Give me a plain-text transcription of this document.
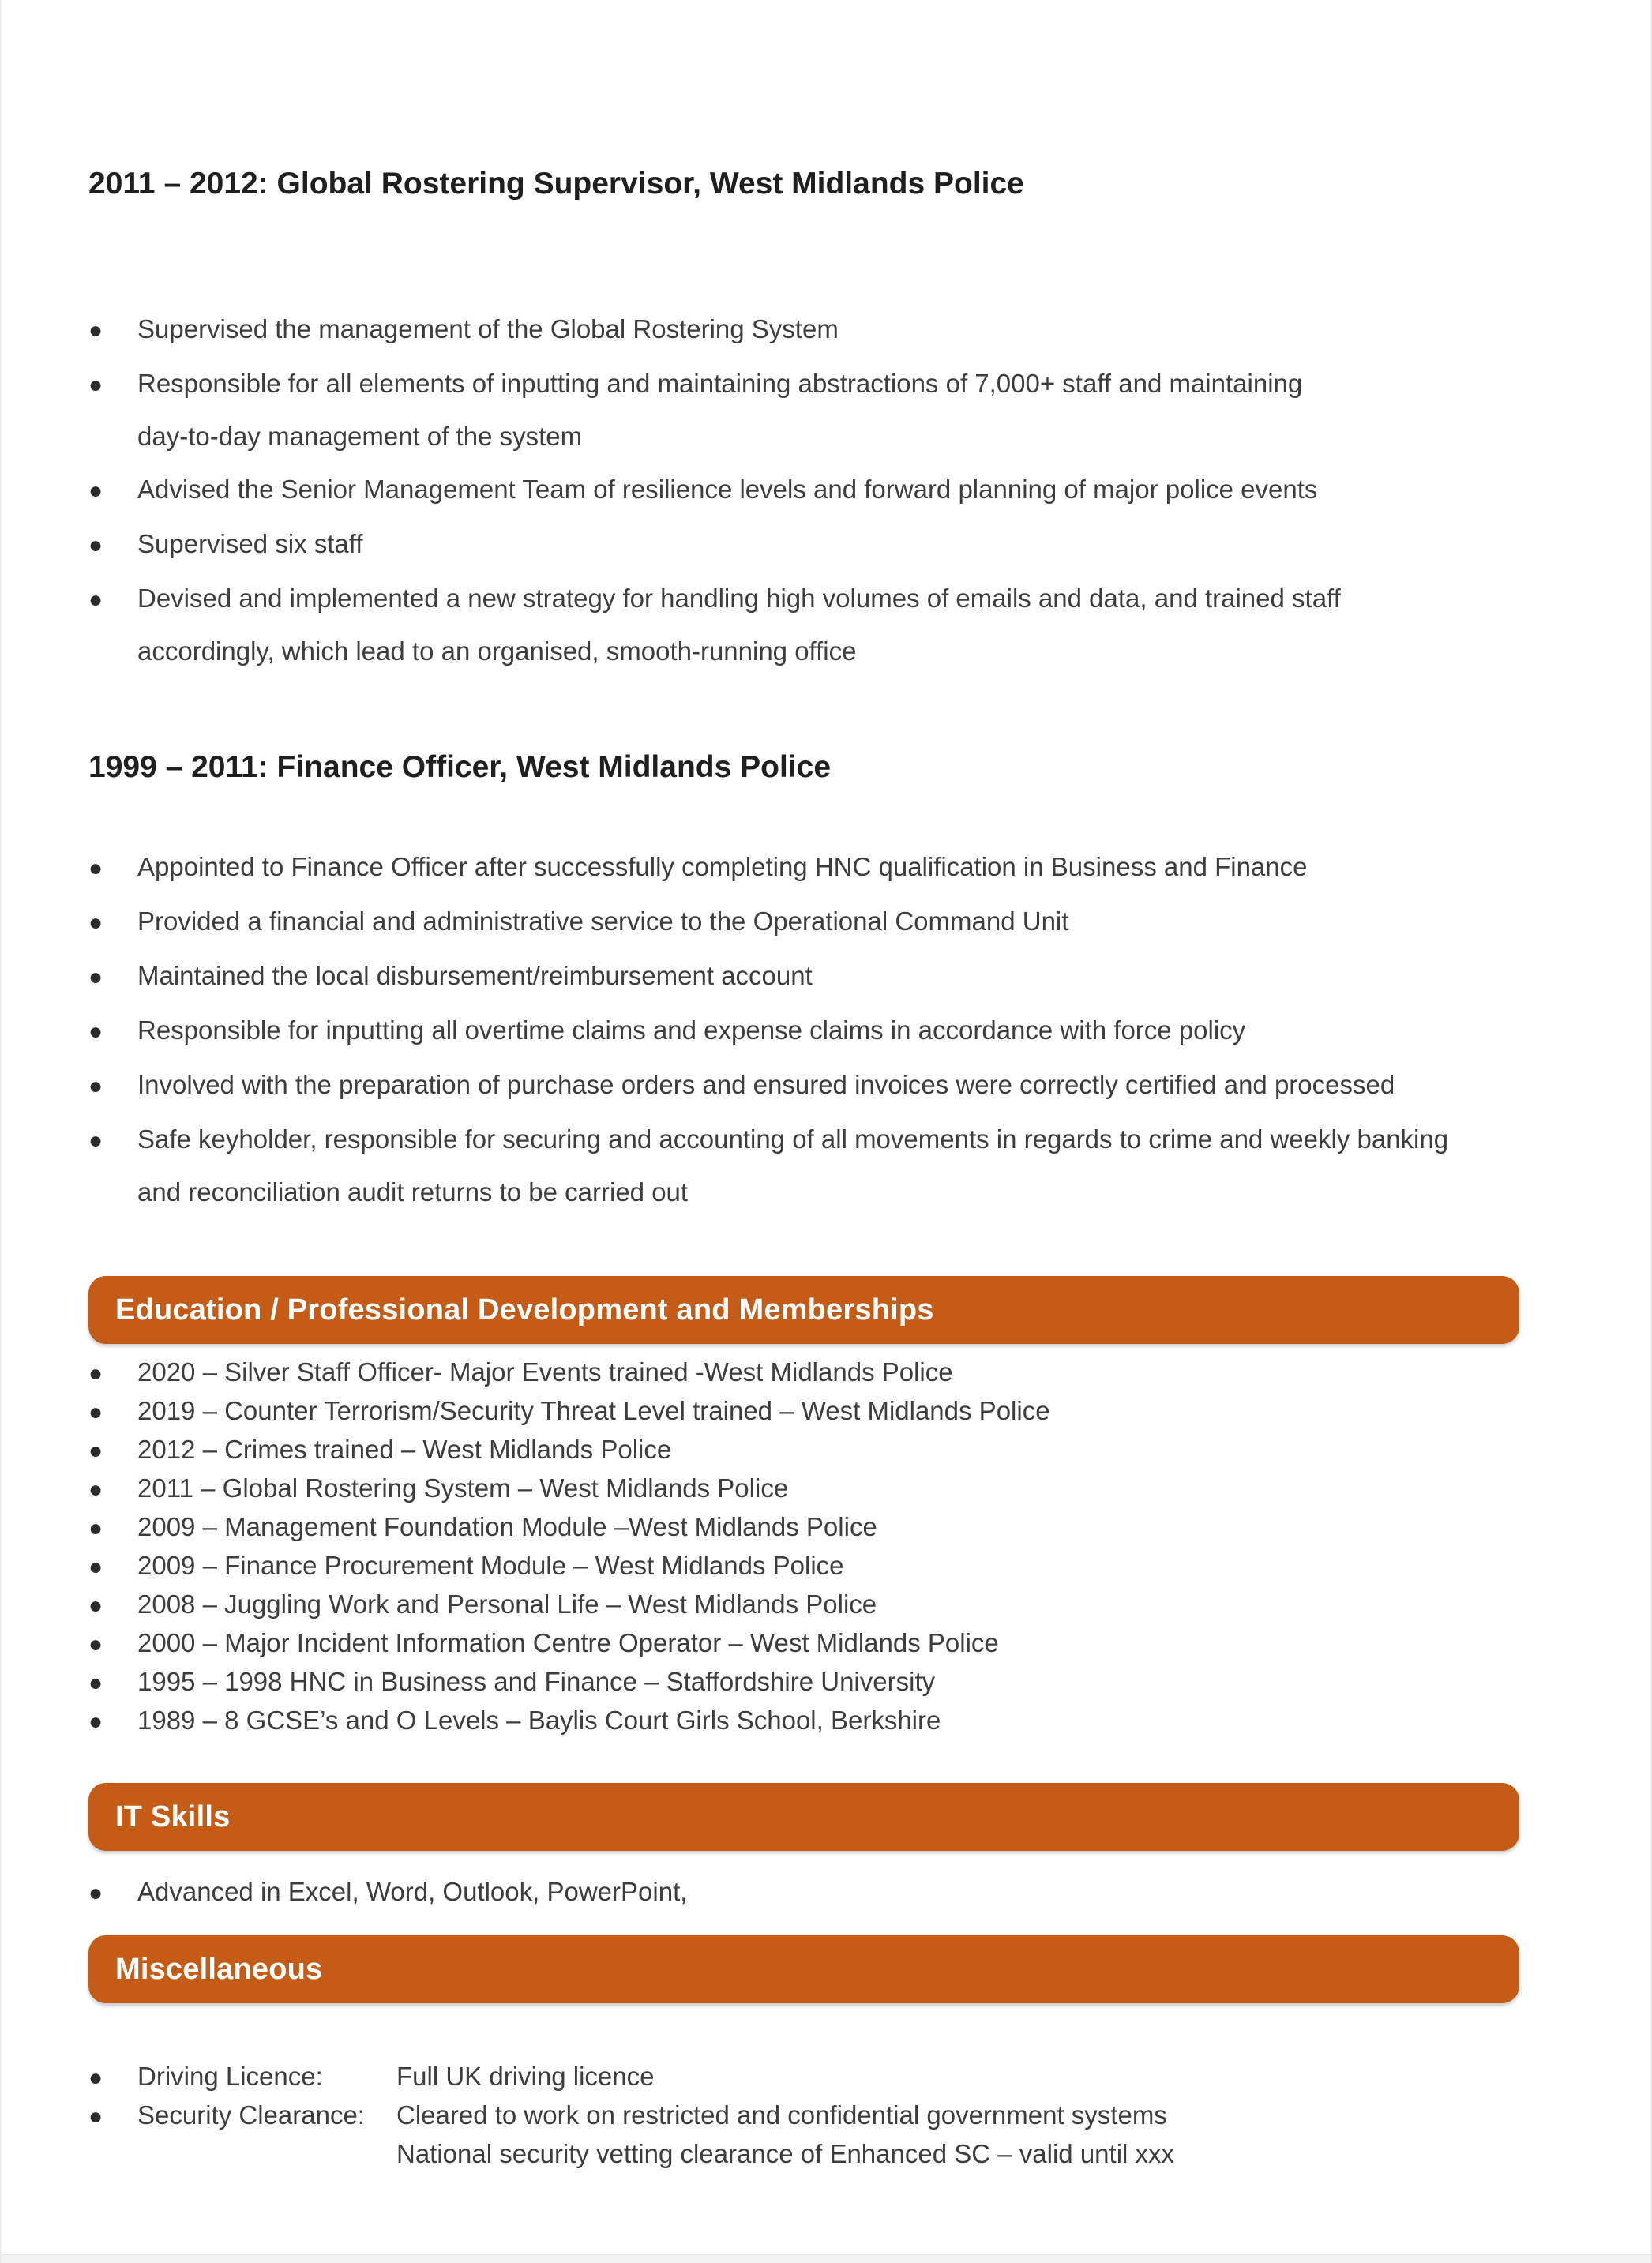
2011 – 2012: Global Rostering Supervisor, West Midlands Police
●	Supervised the management of the Global Rostering System
●	Responsible for all elements of inputting and maintaining abstractions of 7,000+ staff and maintaining
day-to-day management of the system
●	Advised the Senior Management Team of resilience levels and forward planning of major police events
●	Supervised six staff
●	Devised and implemented a new strategy for handling high volumes of emails and data, and trained staff
accordingly, which lead to an organised, smooth-running office
1999 – 2011: Finance Officer, West Midlands Police
●	Appointed to Finance Officer after successfully completing HNC qualification in Business and Finance
●	Provided a financial and administrative service to the Operational Command Unit
●	Maintained the local disbursement/reimbursement account
●	Responsible for inputting all overtime claims and expense claims in accordance with force policy
●	Involved with the preparation of purchase orders and ensured invoices were correctly certified and processed
●	Safe keyholder, responsible for securing and accounting of all movements in regards to crime and weekly banking
and reconciliation audit returns to be carried out
Education / Professional Development and Memberships
●	2020 – Silver Staff Officer- Major Events trained -West Midlands Police
●	2019 – Counter Terrorism/Security Threat Level trained – West Midlands Police
●	2012 – Crimes trained – West Midlands Police
●	2011 – Global Rostering System – West Midlands Police
●	2009 – Management Foundation Module –West Midlands Police
●	2009 – Finance Procurement Module – West Midlands Police
●	2008 – Juggling Work and Personal Life – West Midlands Police
●	2000 – Major Incident Information Centre Operator – West Midlands Police
●	1995 – 1998 HNC in Business and Finance – Staffordshire University
●	1989 – 8 GCSE’s and O Levels – Baylis Court Girls School, Berkshire
IT Skills
●	Advanced in Excel, Word, Outlook, PowerPoint,
Miscellaneous
●	Driving Licence:	Full UK driving licence
●	Security Clearance:	Cleared to work on restricted and confidential government systems
National security vetting clearance of Enhanced SC – valid until xxx
